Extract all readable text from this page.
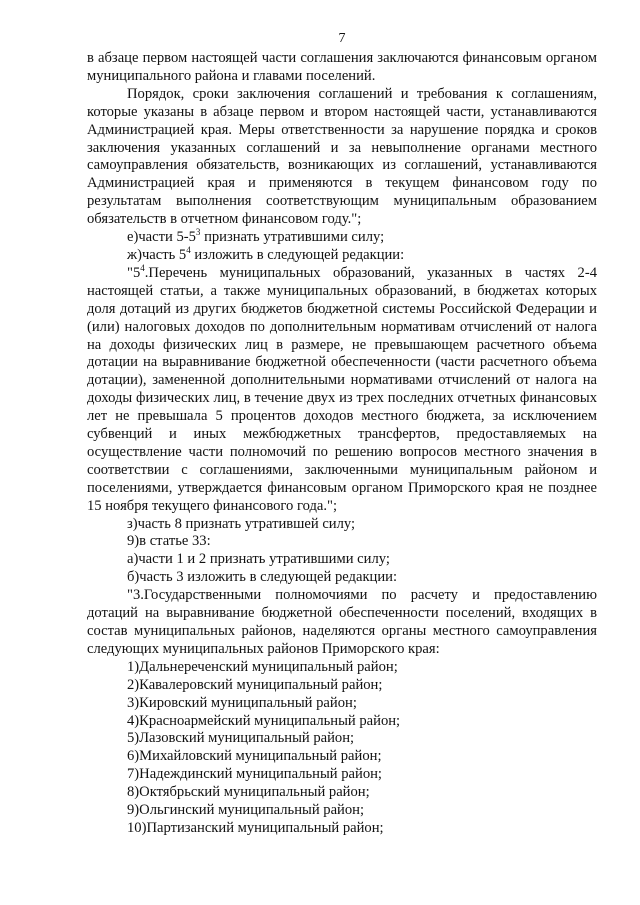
7

в абзаце первом настоящей части соглашения заключаются финансовым органом муниципального района и главами поселений.

Порядок, сроки заключения соглашений и требования к соглашениям, которые указаны в абзаце первом и втором настоящей части, устанавливаются Администрацией края. Меры ответственности за нарушение порядка и сроков заключения указанных соглашений и за невыполнение органами местного самоуправления обязательств, возникающих из соглашений, устанавливаются Администрацией края и применяются в текущем финансовом году по результатам выполнения соответствующим муниципальным образованием обязательств в отчетном финансовом году.";

е)части $5-5^3$ признать утратившими силу;

ж)часть $5^4$ изложить в следующей редакции:

"$5^4.Перечень$ муниципальных образований, указанных в частях 2-4 настоящей статьи, а также муниципальных образований, в бюджетах которых доля дотаций из других бюджетов бюджетной системы Российской Федерации и (или) налоговых доходов по дополнительным нормативам отчислений от налога на доходы физических лиц в размере, не превышающем расчетного объема дотации на выравнивание бюджетной обеспеченности (части расчетного объема дотации), замененной дополнительными нормативами отчислений от налога на доходы физических лиц, в течение двух из трех последних отчетных финансовых лет не превышала 5 процентов доходов местного бюджета, за исключением субвенций и иных межбюджетных трансфертов, предоставляемых на осуществление части полномочий по решению вопросов местного значения в соответствии с соглашениями, заключенными муниципальным районом и поселениями, утверждается финансовым органом Приморского края не позднее 15 ноября текущего финансового года.";

з)часть 8 признать утратившей силу;

9)в статье 33:

а)части 1 и 2 признать утратившими силу;

б)часть 3 изложить в следующей редакции:

"3.Государственными полномочиями по расчету и предоставлению дотаций на выравнивание бюджетной обеспеченности поселений, входящих в состав муниципальных районов, наделяются органы местного самоуправления следующих муниципальных районов Приморского края:

1)Дальнереченский муниципальный район;

2)Кавалеровский муниципальный район;

3)Кировский муниципальный район;

4)Красноармейский муниципальный район;

5)Лазовский муниципальный район;

6)Михайловский муниципальный район;

7)Надеждинский муниципальный район;

8)Октябрьский муниципальный район;

9)Ольгинский муниципальный район;

10)Партизанский муниципальный район;
